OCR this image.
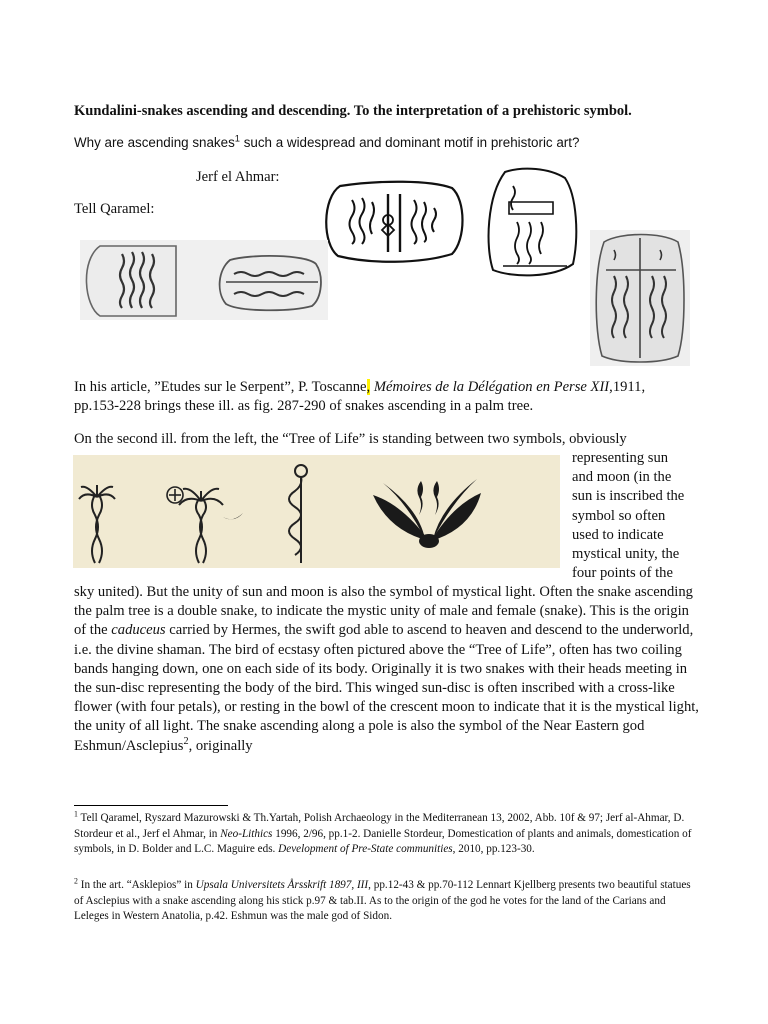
Kundalini-snakes ascending and descending. To the interpretation of a prehistoric symbol.
Why are ascending snakes$^1$ such a widespread and dominant motif in prehistoric art?
Jerf el Ahmar:
Tell Qaramel:
In his article, ”Etudes sur le Serpent”, P. Toscanne, Mémoires de la Délégation en Perse XII,1911,
pp.153-228 brings these ill. as fig. 287-290 of snakes ascending in a palm tree.
On the second ill. from the left, the “Tree of Life” is standing between two symbols, obviously
representing sun
and moon (in the
sun is inscribed the
symbol so often
used to indicate
mystical unity, the
four points of the
sky united). But the unity of sun and moon is also the symbol of mystical light. Often the snake ascending the palm tree is a double snake, to indicate the mystic unity of male and female (snake). This is the origin of the caduceus carried by Hermes, the swift god able to ascend to heaven and descend to the underworld, i.e. the divine shaman. The bird of ecstasy often pictured above the “Tree of Life”, often has two coiling bands hanging down, one on each side of its body. Originally it is two snakes with their heads meeting in the sun-disc representing the body of the bird. This winged sun-disc is often inscribed with a cross-like flower (with four petals), or resting in the bowl of the crescent moon to indicate that it is the mystical light, the unity of all light. The snake ascending along a pole is also the symbol of the Near Eastern god Eshmun/Asclepius$^2$, originally
$^1$ Tell Qaramel, Ryszard Mazurowski & Th.Yartah, Polish Archaeology in the Mediterranean 13, 2002, Abb. 10f & 97; Jerf al-Ahmar, D. Stordeur et al., Jerf el Ahmar, in Neo-Lithics 1996, 2/96, pp.1-2. Danielle Stordeur, Domestication of plants and animals, domestication of symbols, in D. Bolder and L.C. Maguire eds. Development of Pre-State communities, 2010, pp.123-30.
$^2$ In the art. “Asklepios” in Upsala Universitets Årsskrift 1897, III, pp.12-43 & pp.70-112 Lennart Kjellberg presents two beautiful statues of Asclepius with a snake ascending along his stick p.97 & tab.II. As to the origin of the god he votes for the land of the Carians and Leleges in Western Anatolia, p.42. Eshmun was the male god of Sidon.
